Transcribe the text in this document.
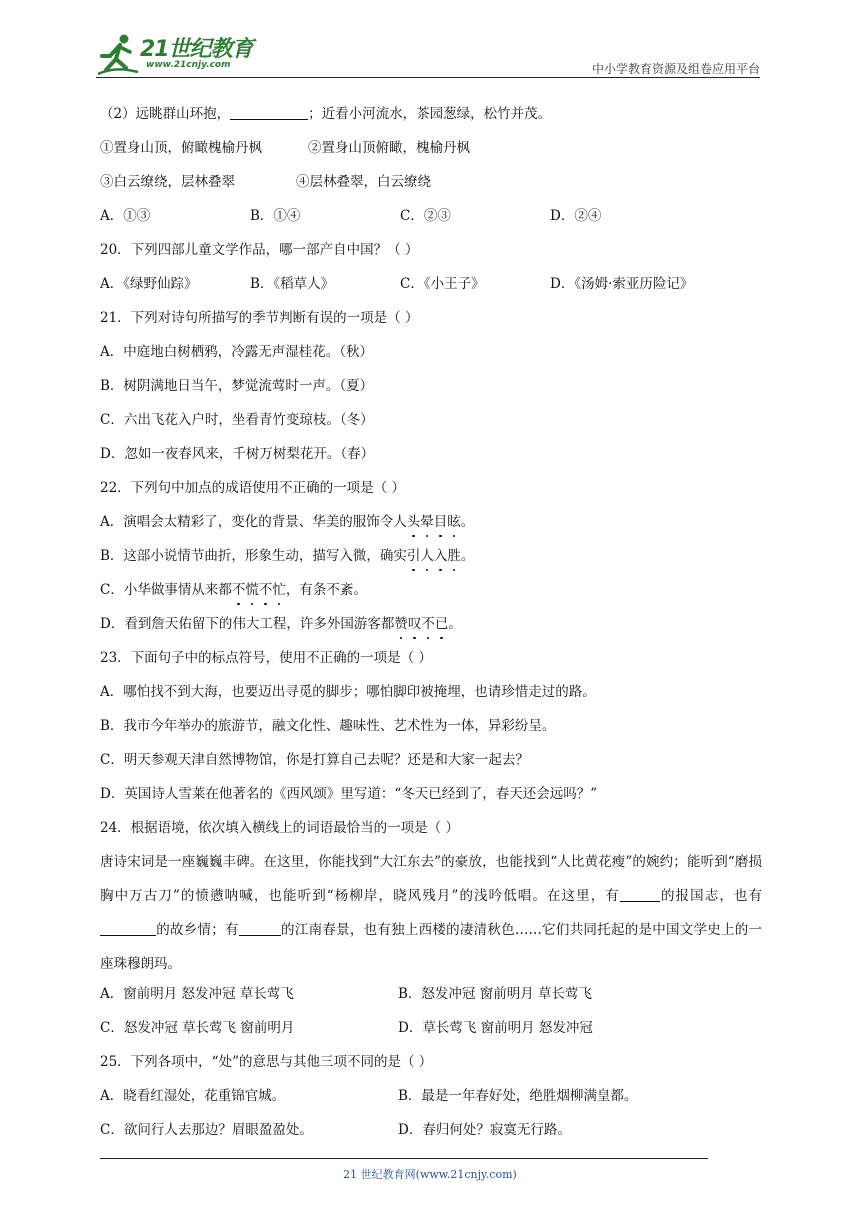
21世纪教育
www.21cnjy.com	中小学教育资源及组卷应用平台
（2）远眺群山环抱，	；近看小河流水，茶园葱绿，松竹并茂。
①置身山顶，俯瞰槐榆丹枫	②置身山顶俯瞰，槐榆丹枫
③白云缭绕，层林叠翠	④层林叠翠，白云缭绕
A．①③	B．①④	C．②③	D．②④
20．下列四部儿童文学作品，哪一部产自中国？（ ）
A．《绿野仙踪》	B．《稻草人》	C．《小王子》	D．《汤姆·索亚历险记》
21．下列对诗句所描写的季节判断有误的一项是（ ）
A．中庭地白树栖鸦，冷露无声湿桂花。（秋）
B．树阴满地日当午，梦觉流莺时一声。（夏）
C．六出飞花入户时，坐看青竹变琼枝。（冬）
D．忽如一夜春风来，千树万树梨花开。（春）
22．下列句中加点的成语使用不正确的一项是（ ）
A．演唱会太精彩了，变化的背景、华美的服饰令人头晕目眩。
B．这部小说情节曲折，形象生动，描写入微，确实引人入胜。
C．小华做事情从来都不慌不忙，有条不紊。
D．看到詹天佑留下的伟大工程，许多外国游客都赞叹不已。
23．下面句子中的标点符号，使用不正确的一项是（ ）
A．哪怕找不到大海，也要迈出寻觅的脚步；哪怕脚印被掩埋，也请珍惜走过的路。
B．我市今年举办的旅游节，融文化性、趣味性、艺术性为一体，异彩纷呈。
C．明天参观天津自然博物馆，你是打算自己去呢？还是和大家一起去？
D．英国诗人雪莱在他著名的《西风颂》里写道：“冬天已经到了，春天还会远吗？”
24．根据语境，依次填入横线上的词语最恰当的一项是（ ）
唐诗宋词是一座巍巍丰碑。在这里，你能找到“大江东去”的豪放，也能找到“人比黄花瘦”的婉约；能听到“磨损胸中万古刀”的愤懑呐喊，也能听到“杨柳岸，晓风残月”的浅吟低唱。在这里，有	的报国志，也有的故乡情；有	的江南春景，也有独上西楼的凄清秋色……它们共同托起的是中国文学史上的一座珠穆朗玛。
A．窗前明月 怒发冲冠 草长莺飞	B．怒发冲冠 窗前明月 草长莺飞
C．怒发冲冠 草长莺飞 窗前明月	D．草长莺飞 窗前明月 怒发冲冠
25．下列各项中，“处”的意思与其他三项不同的是（ ）
A．晓看红湿处，花重锦官城。	B．最是一年春好处，绝胜烟柳满皇都。
C．欲问行人去那边？眉眼盈盈处。	D．春归何处？寂寞无行路。
21 世纪教育网(www.21cnjy.com)
